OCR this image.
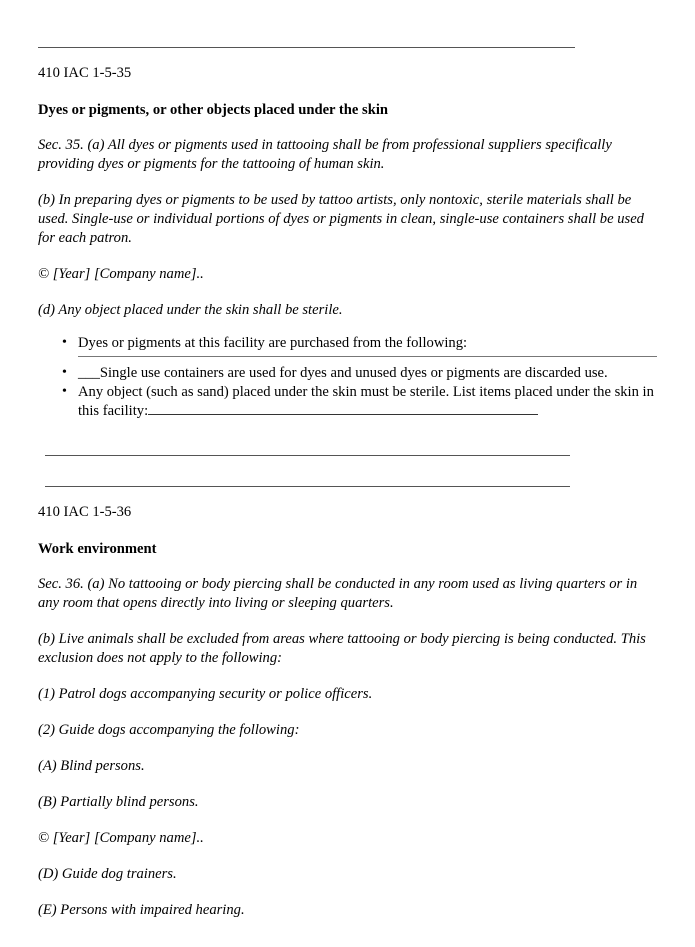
410 IAC 1-5-35

Dyes or pigments, or other objects placed under the skin

Sec. 35. (a) All dyes or pigments used in tattooing shall be from professional suppliers specifically providing dyes or pigments for the tattooing of human skin.

(b) In preparing dyes or pigments to be used by tattoo artists, only nontoxic, sterile materials shall be used. Single-use or individual portions of dyes or pigments in clean, single-use containers shall be used for each patron.

© [Year] [Company name]..

(d) Any object placed under the skin shall be sterile.

• Dyes or pigments at this facility are purchased from the following:
• ___Single use containers are used for dyes and unused dyes or pigments are discarded use.
• Any object (such as sand) placed under the skin must be sterile. List items placed under the skin in this facility:

410 IAC 1-5-36

Work environment

Sec. 36. (a) No tattooing or body piercing shall be conducted in any room used as living quarters or in any room that opens directly into living or sleeping quarters.

(b) Live animals shall be excluded from areas where tattooing or body piercing is being conducted. This exclusion does not apply to the following:

(1) Patrol dogs accompanying security or police officers.

(2) Guide dogs accompanying the following:

(A) Blind persons.

(B) Partially blind persons.

© [Year] [Company name]..

(D) Guide dog trainers.

(E) Persons with impaired hearing.
